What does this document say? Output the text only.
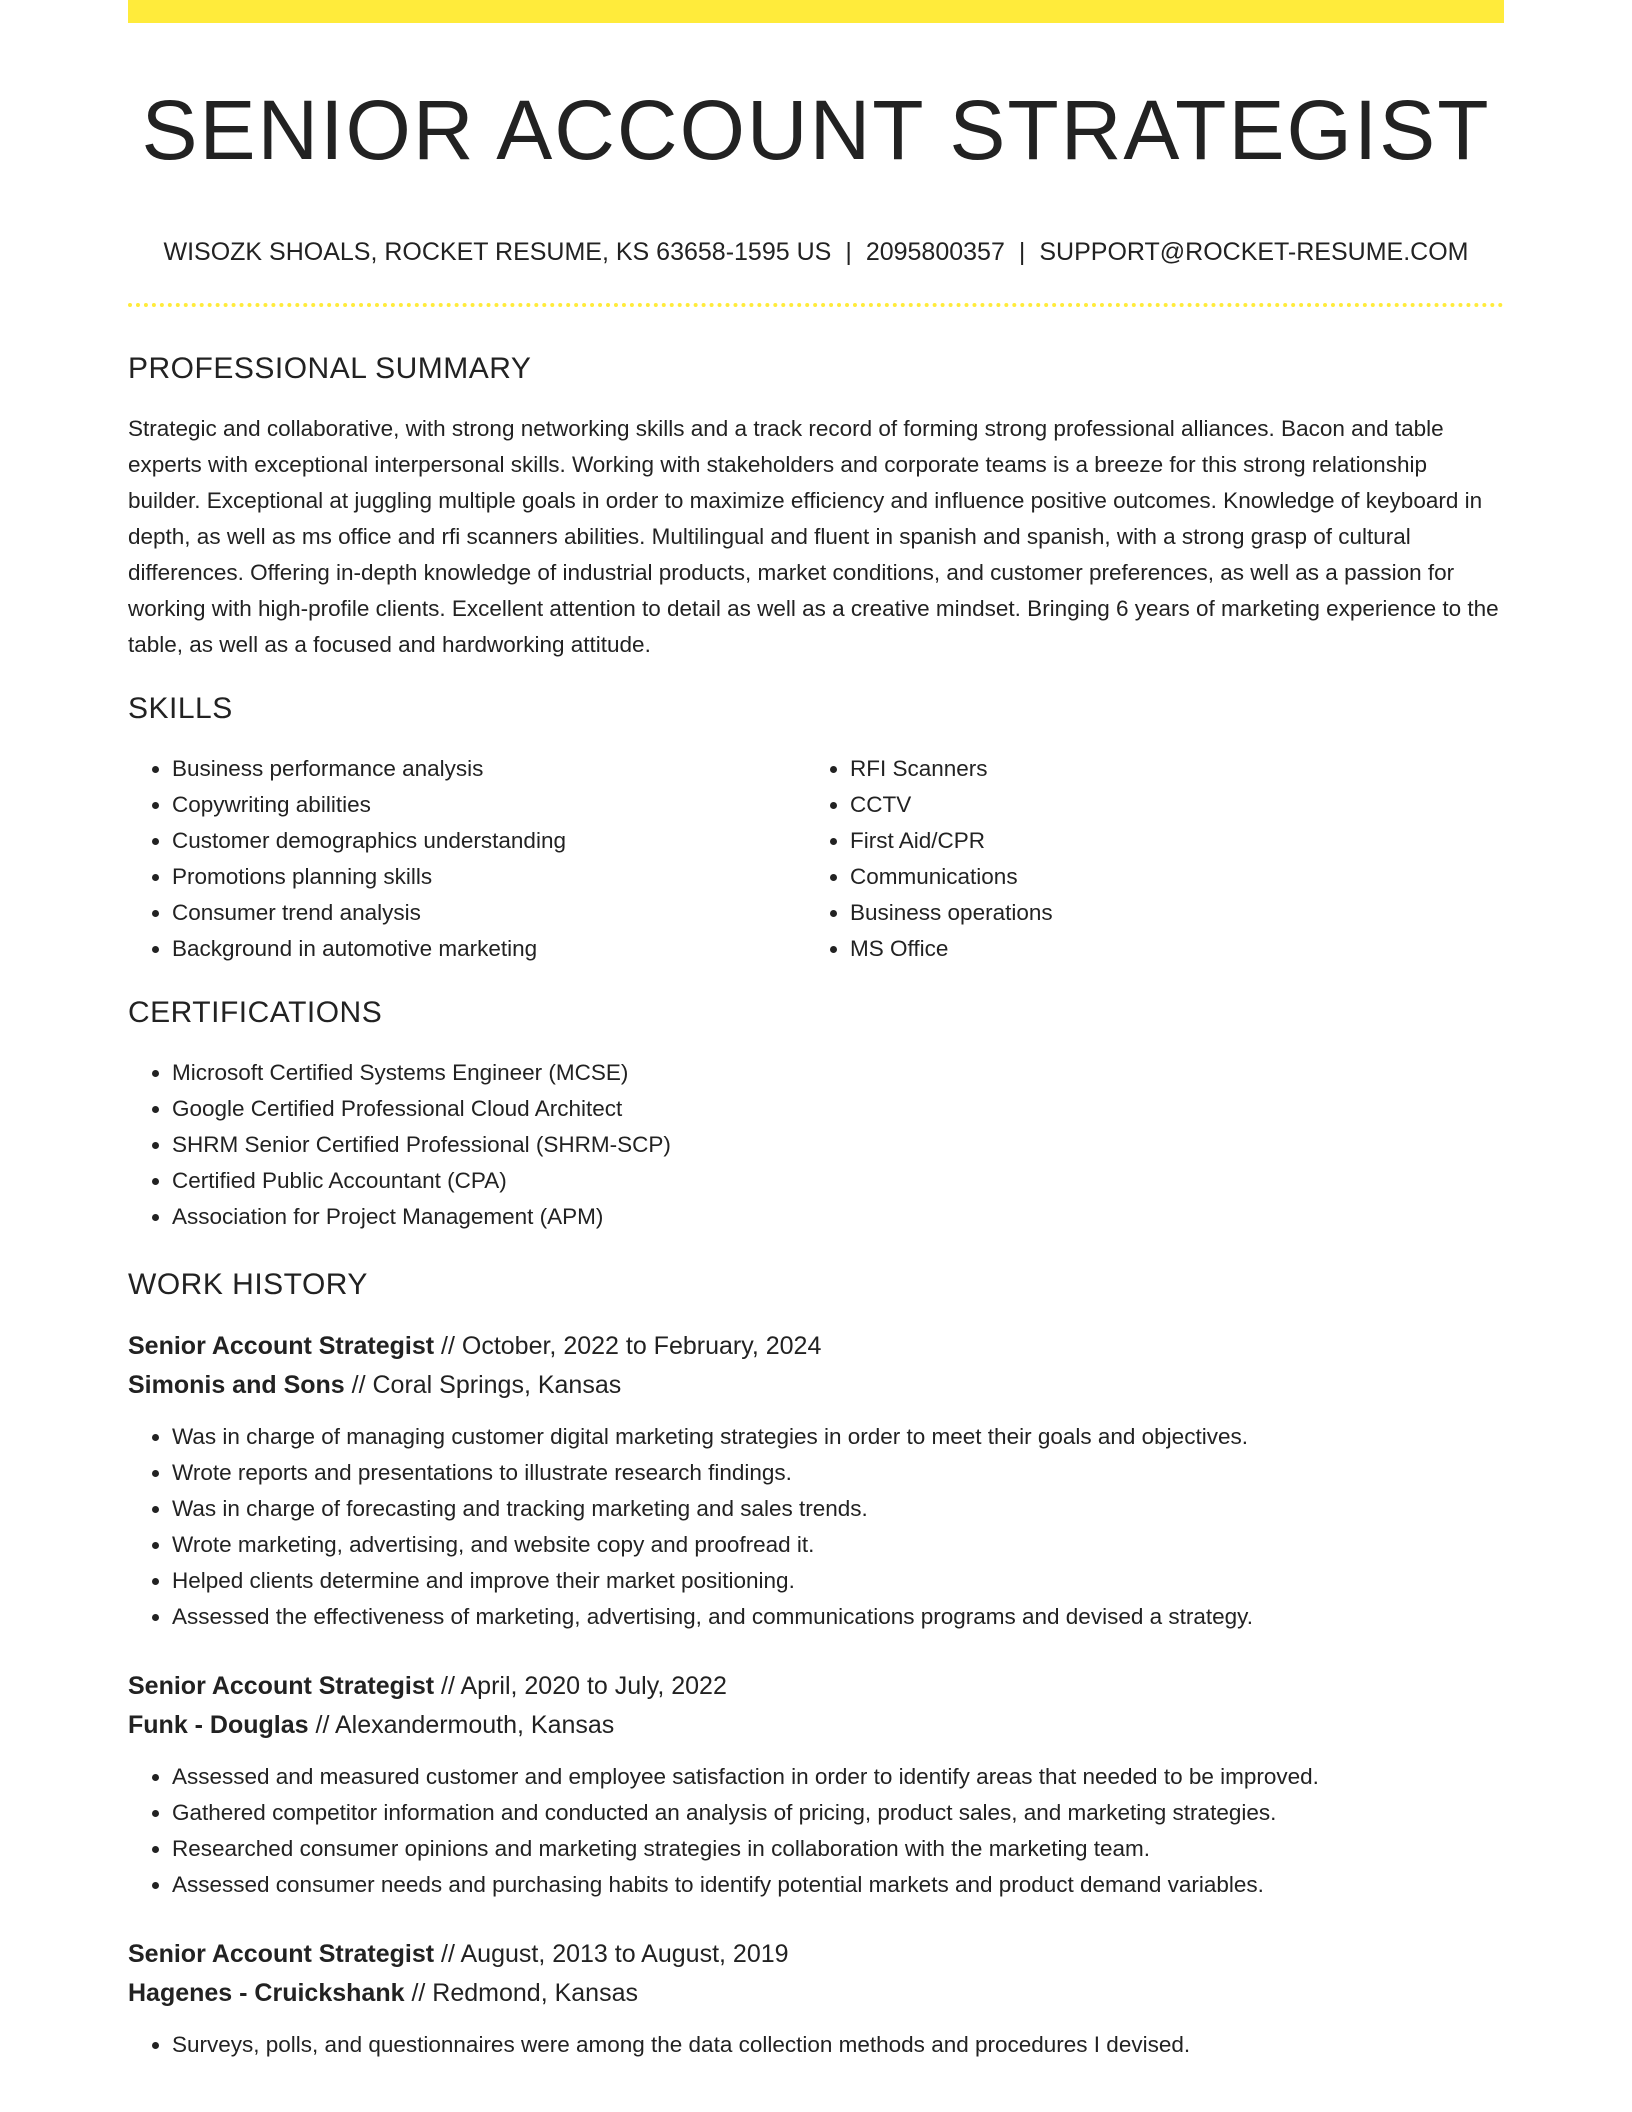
SENIOR ACCOUNT STRATEGIST
WISOZK SHOALS, ROCKET RESUME, KS 63658-1595 US | 2095800357 | SUPPORT@ROCKET-RESUME.COM
PROFESSIONAL SUMMARY
Strategic and collaborative, with strong networking skills and a track record of forming strong professional alliances. Bacon and table experts with exceptional interpersonal skills. Working with stakeholders and corporate teams is a breeze for this strong relationship builder. Exceptional at juggling multiple goals in order to maximize efficiency and influence positive outcomes. Knowledge of keyboard in depth, as well as ms office and rfi scanners abilities. Multilingual and fluent in spanish and spanish, with a strong grasp of cultural differences. Offering in-depth knowledge of industrial products, market conditions, and customer preferences, as well as a passion for working with high-profile clients. Excellent attention to detail as well as a creative mindset. Bringing 6 years of marketing experience to the table, as well as a focused and hardworking attitude.
SKILLS
• Business performance analysis
• Copywriting abilities
• Customer demographics understanding
• Promotions planning skills
• Consumer trend analysis
• Background in automotive marketing
• RFI Scanners
• CCTV
• First Aid/CPR
• Communications
• Business operations
• MS Office
CERTIFICATIONS
• Microsoft Certified Systems Engineer (MCSE)
• Google Certified Professional Cloud Architect
• SHRM Senior Certified Professional (SHRM-SCP)
• Certified Public Accountant (CPA)
• Association for Project Management (APM)
WORK HISTORY
Senior Account Strategist // October, 2022 to February, 2024
Simonis and Sons // Coral Springs, Kansas
• Was in charge of managing customer digital marketing strategies in order to meet their goals and objectives.
• Wrote reports and presentations to illustrate research findings.
• Was in charge of forecasting and tracking marketing and sales trends.
• Wrote marketing, advertising, and website copy and proofread it.
• Helped clients determine and improve their market positioning.
• Assessed the effectiveness of marketing, advertising, and communications programs and devised a strategy.
Senior Account Strategist // April, 2020 to July, 2022
Funk - Douglas // Alexandermouth, Kansas
• Assessed and measured customer and employee satisfaction in order to identify areas that needed to be improved.
• Gathered competitor information and conducted an analysis of pricing, product sales, and marketing strategies.
• Researched consumer opinions and marketing strategies in collaboration with the marketing team.
• Assessed consumer needs and purchasing habits to identify potential markets and product demand variables.
Senior Account Strategist // August, 2013 to August, 2019
Hagenes - Cruickshank // Redmond, Kansas
• Surveys, polls, and questionnaires were among the data collection methods and procedures I devised.
